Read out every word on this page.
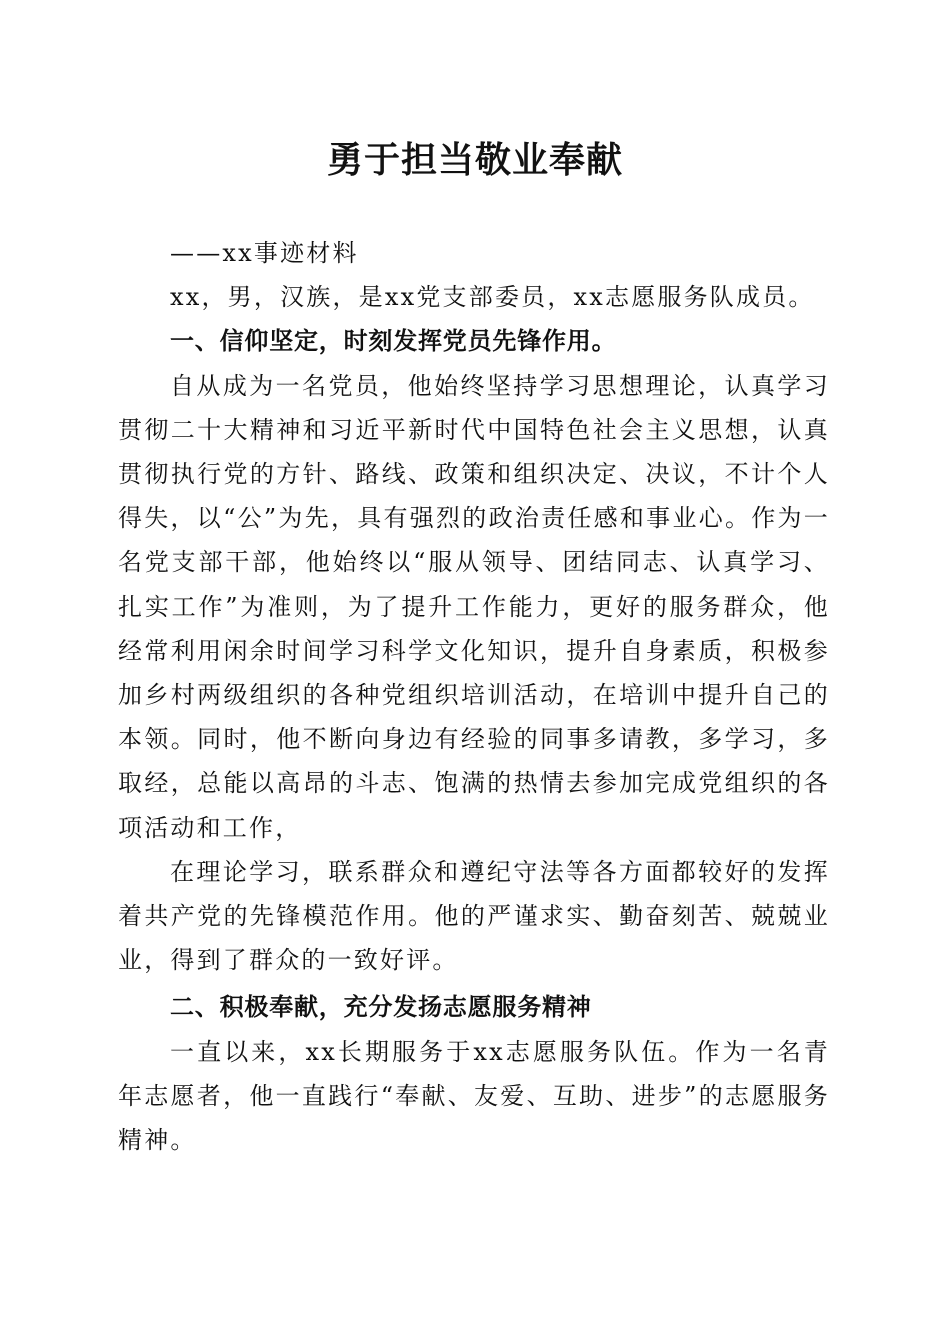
勇于担当敬业奉献

——xx事迹材料

xx，男，汉族，是xx党支部委员，xx志愿服务队成员。

一、信仰坚定，时刻发挥党员先锋作用。

自从成为一名党员，他始终坚持学习思想理论，认真学习贯彻二十大精神和习近平新时代中国特色社会主义思想，认真贯彻执行党的方针、路线、政策和组织决定、决议，不计个人得失，以“公”为先，具有强烈的政治责任感和事业心。作为一名党支部干部，他始终以“服从领导、团结同志、认真学习、扎实工作”为准则，为了提升工作能力，更好的服务群众，他经常利用闲余时间学习科学文化知识，提升自身素质，积极参加乡村两级组织的各种党组织培训活动，在培训中提升自己的本领。同时，他不断向身边有经验的同事多请教，多学习，多取经，总能以高昂的斗志、饱满的热情去参加完成党组织的各项活动和工作，

在理论学习，联系群众和遵纪守法等各方面都较好的发挥着共产党的先锋模范作用。他的严谨求实、勤奋刻苦、兢兢业业，得到了群众的一致好评。

二、积极奉献，充分发扬志愿服务精神

一直以来，xx长期服务于xx志愿服务队伍。作为一名青年志愿者，他一直践行“奉献、友爱、互助、进步”的志愿服务精神。
